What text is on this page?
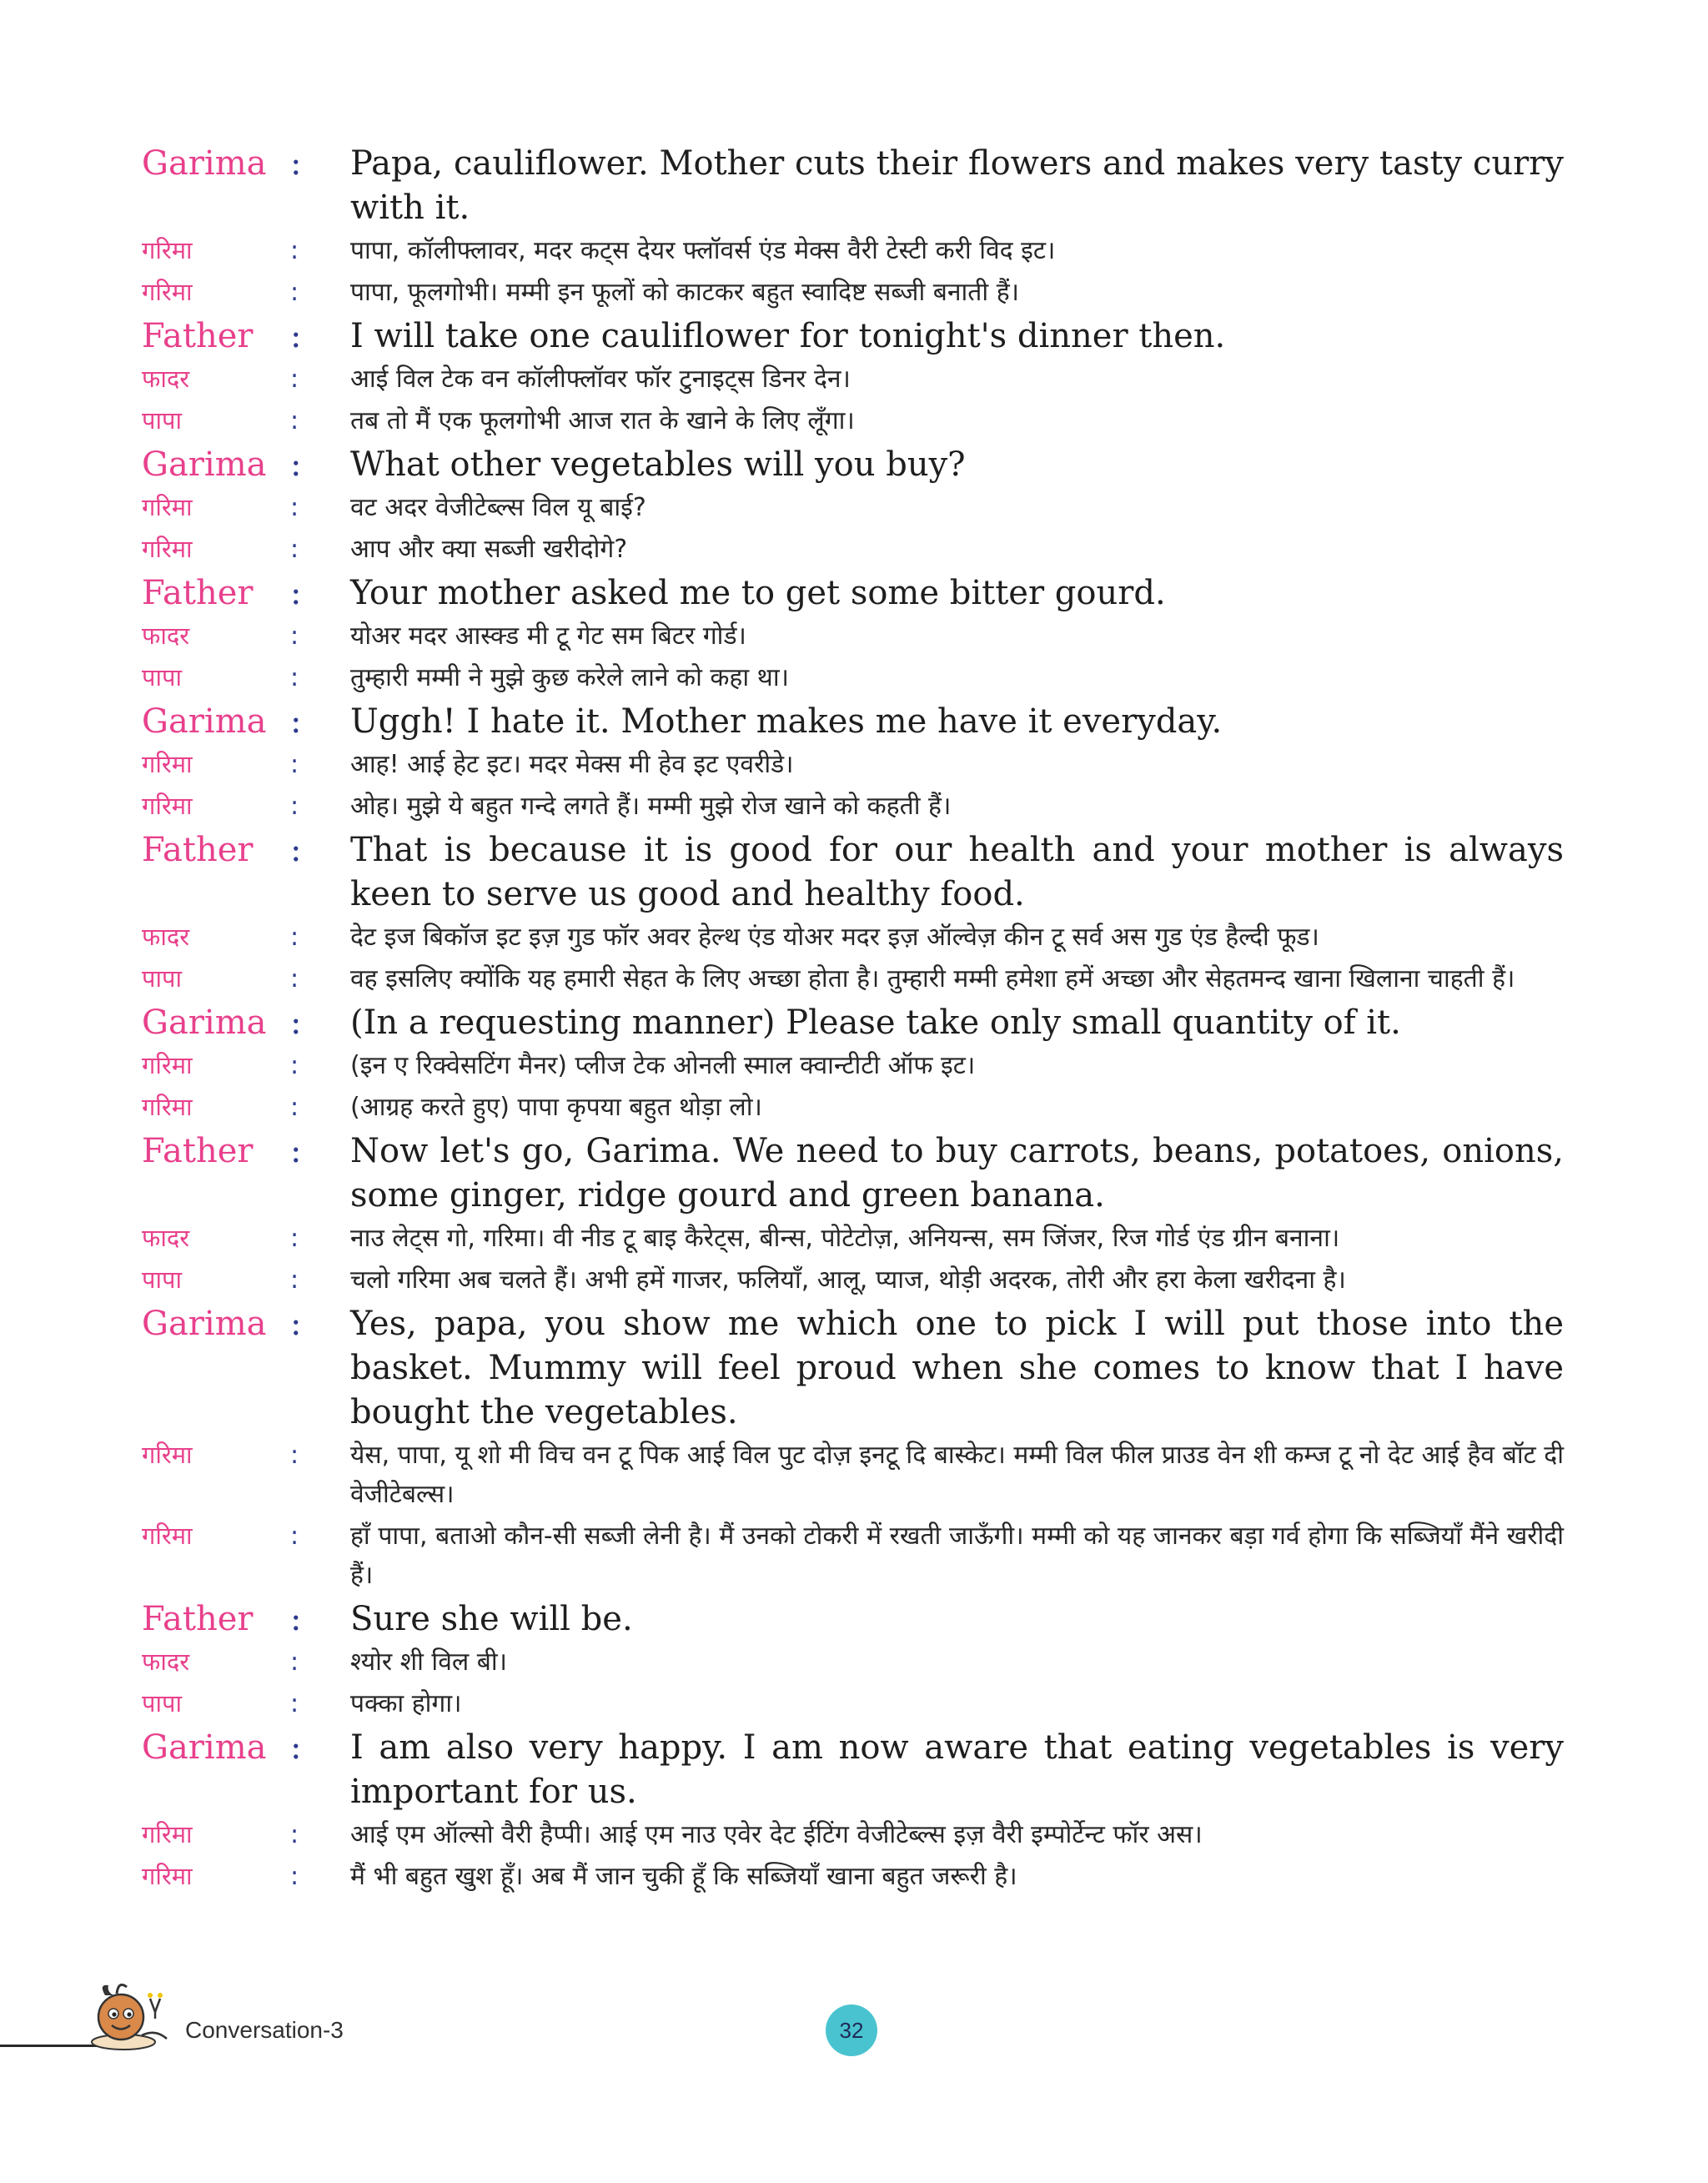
Garima :	Papa, cauliflower. Mother cuts their flowers and makes very tasty curry with it.
गरिमा	:	पापा, कॉलीफ्लावर, मदर कट्स देयर फ्लॉवर्स एंड मेक्स वैरी टेस्टी करी विद इट।
गरिमा	:	पापा, फूलगोभी। मम्मी इन फूलों को काटकर बहुत स्वादिष्ट सब्जी बनाती हैं।
Father	:	I will take one cauliflower for tonight's dinner then.
फादर	:	आई विल टेक वन कॉलीफ्लॉवर फॉर टुनाइट्स डिनर देन।
पापा	:	तब तो मैं एक फूलगोभी आज रात के खाने के लिए लूँगा।
Garima :	What other vegetables will you buy?
गरिमा	:	वट अदर वेजीटेब्ल्स विल यू बाई?
गरिमा	:	आप और क्या सब्जी खरीदोगे?
Father	:	Your mother asked me to get some bitter gourd.
फादर	:	योअर मदर आस्क्ड मी टू गेट सम बिटर गोर्ड।
पापा	:	तुम्हारी मम्मी ने मुझे कुछ करेले लाने को कहा था।
Garima :	Uggh! I hate it. Mother makes me have it everyday.
गरिमा	:	आह! आई हेट इट। मदर मेक्स मी हेव इट एवरीडे।
गरिमा	:	ओह। मुझे ये बहुत गन्दे लगते हैं। मम्मी मुझे रोज खाने को कहती हैं।
Father	:	That is because it is good for our health and your mother is always keen to serve us good and healthy food.
फादर	:	देट इज बिकॉज इट इज़ गुड फॉर अवर हेल्थ एंड योअर मदर इज़ ऑल्वेज़ कीन टू सर्व अस गुड एंड हैल्दी फूड।
पापा	:	वह इसलिए क्योंकि यह हमारी सेहत के लिए अच्छा होता है। तुम्हारी मम्मी हमेशा हमें अच्छा और सेहतमन्द खाना खिलाना चाहती हैं।
Garima :	(In a requesting manner) Please take only small quantity of it.
गरिमा	:	(इन ए रिक्वेसटिंग मैनर) प्लीज टेक ओनली स्माल क्वान्टीटी ऑफ इट।
गरिमा	:	(आग्रह करते हुए) पापा कृपया बहुत थोड़ा लो।
Father	:	Now let's go, Garima. We need to buy carrots, beans, potatoes, onions, some ginger, ridge gourd and green banana.
फादर	:	नाउ लेट्स गो, गरिमा। वी नीड टू बाइ कैरेट्स, बीन्स, पोटेटोज़, अनियन्स, सम जिंजर, रिज गोर्ड एंड ग्रीन बनाना।
पापा	:	चलो गरिमा अब चलते हैं। अभी हमें गाजर, फलियाँ, आलू, प्याज, थोड़ी अदरक, तोरी और हरा केला खरीदना है।
Garima :	Yes, papa, you show me which one to pick I will put those into the basket. Mummy will feel proud when she comes to know that I have bought the vegetables.
गरिमा	:	येस, पापा, यू शो मी विच वन टू पिक आई विल पुट दोज़ इनटू दि बास्केट। मम्मी विल फील प्राउड वेन शी कम्ज टू नो देट आई हैव बॉट दी वेजीटेबल्स।
गरिमा	:	हाँ पापा, बताओ कौन-सी सब्जी लेनी है। मैं उनको टोकरी में रखती जाऊँगी। मम्मी को यह जानकर बड़ा गर्व होगा कि सब्जियाँ मैंने खरीदी हैं।
Father	:	Sure she will be.
फादर	:	श्योर शी विल बी।
पापा	:	पक्का होगा।
Garima :	I am also very happy. I am now aware that eating vegetables is very important for us.
गरिमा	:	आई एम ऑल्सो वैरी हैप्पी। आई एम नाउ एवेर देट ईटिंग वेजीटेब्ल्स इज़ वैरी इम्पोर्टेन्ट फॉर अस।
गरिमा	:	मैं भी बहुत खुश हूँ। अब मैं जान चुकी हूँ कि सब्जियाँ खाना बहुत जरूरी है।
Conversation-3	32
